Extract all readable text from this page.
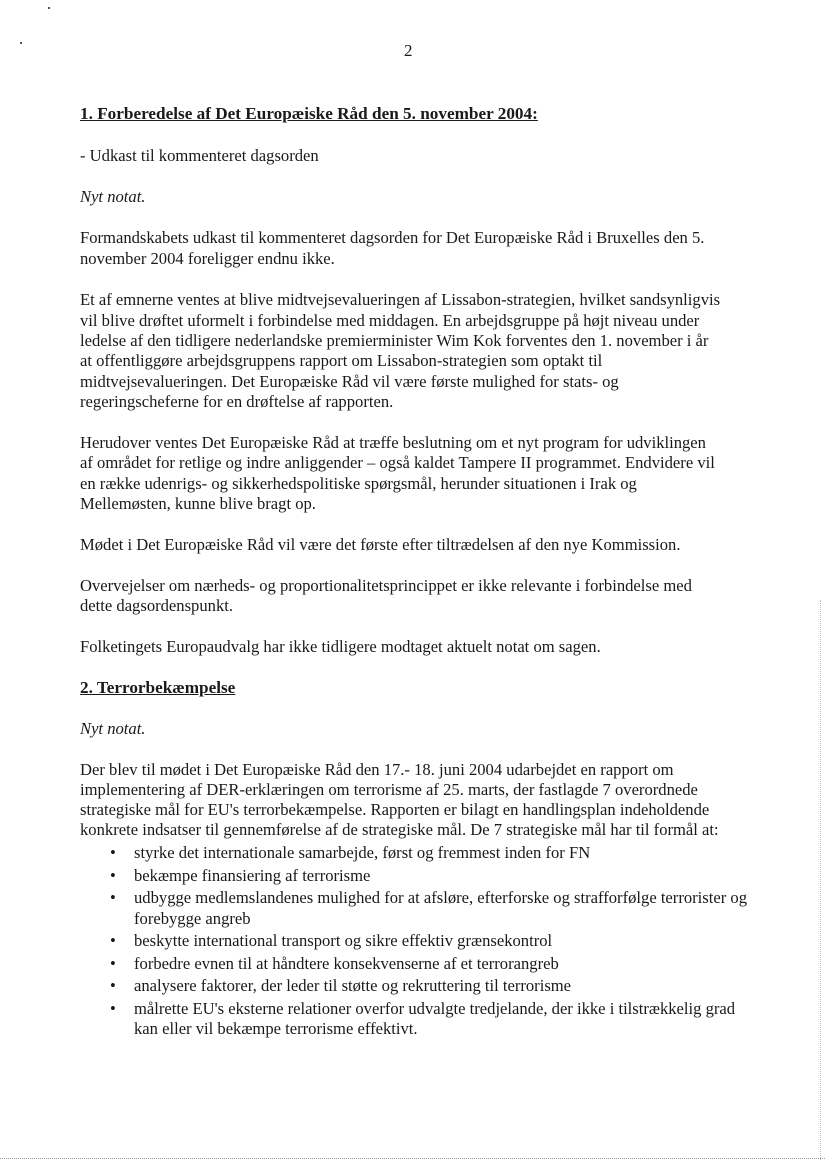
2
1. Forberedelse af Det Europæiske Råd den 5. november 2004:
- Udkast til kommenteret dagsorden
Nyt notat.
Formandskabets udkast til kommenteret dagsorden for Det Europæiske Råd i Bruxelles den 5.
november 2004 foreligger endnu ikke.
Et af emnerne ventes at blive midtvejsevalueringen af Lissabon-strategien, hvilket sandsynligvis
vil blive drøftet uformelt i forbindelse med middagen. En arbejdsgruppe på højt niveau under
ledelse af den tidligere nederlandske premierminister Wim Kok forventes den 1. november i år
at offentliggøre arbejdsgruppens rapport om Lissabon-strategien som optakt til
midtvejsevalueringen. Det Europæiske Råd vil være første mulighed for stats- og
regeringscheferne for en drøftelse af rapporten.
Herudover ventes Det Europæiske Råd at træffe beslutning om et nyt program for udviklingen
af området for retlige og indre anliggender – også kaldet Tampere II programmet. Endvidere vil
en række udenrigs- og sikkerhedspolitiske spørgsmål, herunder situationen i Irak og
Mellemøsten, kunne blive bragt op.
Mødet i Det Europæiske Råd vil være det første efter tiltrædelsen af den nye Kommission.
Overvejelser om nærheds- og proportionalitetsprincippet er ikke relevante i forbindelse med
dette dagsordenspunkt.
Folketingets Europaudvalg har ikke tidligere modtaget aktuelt notat om sagen.
2. Terrorbekæmpelse
Nyt notat.
Der blev til mødet i Det Europæiske Råd den 17.- 18. juni 2004 udarbejdet en rapport om
implementering af DER-erklæringen om terrorisme af 25. marts, der fastlagde 7 overordnede
strategiske mål for EU's terrorbekæmpelse. Rapporten er bilagt en handlingsplan indeholdende
konkrete indsatser til gennemførelse af de strategiske mål. De 7 strategiske mål har til formål at:
• styrke det internationale samarbejde, først og fremmest inden for FN
• bekæmpe finansiering af terrorisme
• udbygge medlemslandenes mulighed for at afsløre, efterforske og strafforfølge terrorister og forebygge angreb
• beskytte international transport og sikre effektiv grænsekontrol
• forbedre evnen til at håndtere konsekvenserne af et terrorangreb
• analysere faktorer, der leder til støtte og rekruttering til terrorisme
• målrette EU's eksterne relationer overfor udvalgte tredjelande, der ikke i tilstrækkelig grad kan eller vil bekæmpe terrorisme effektivt.
